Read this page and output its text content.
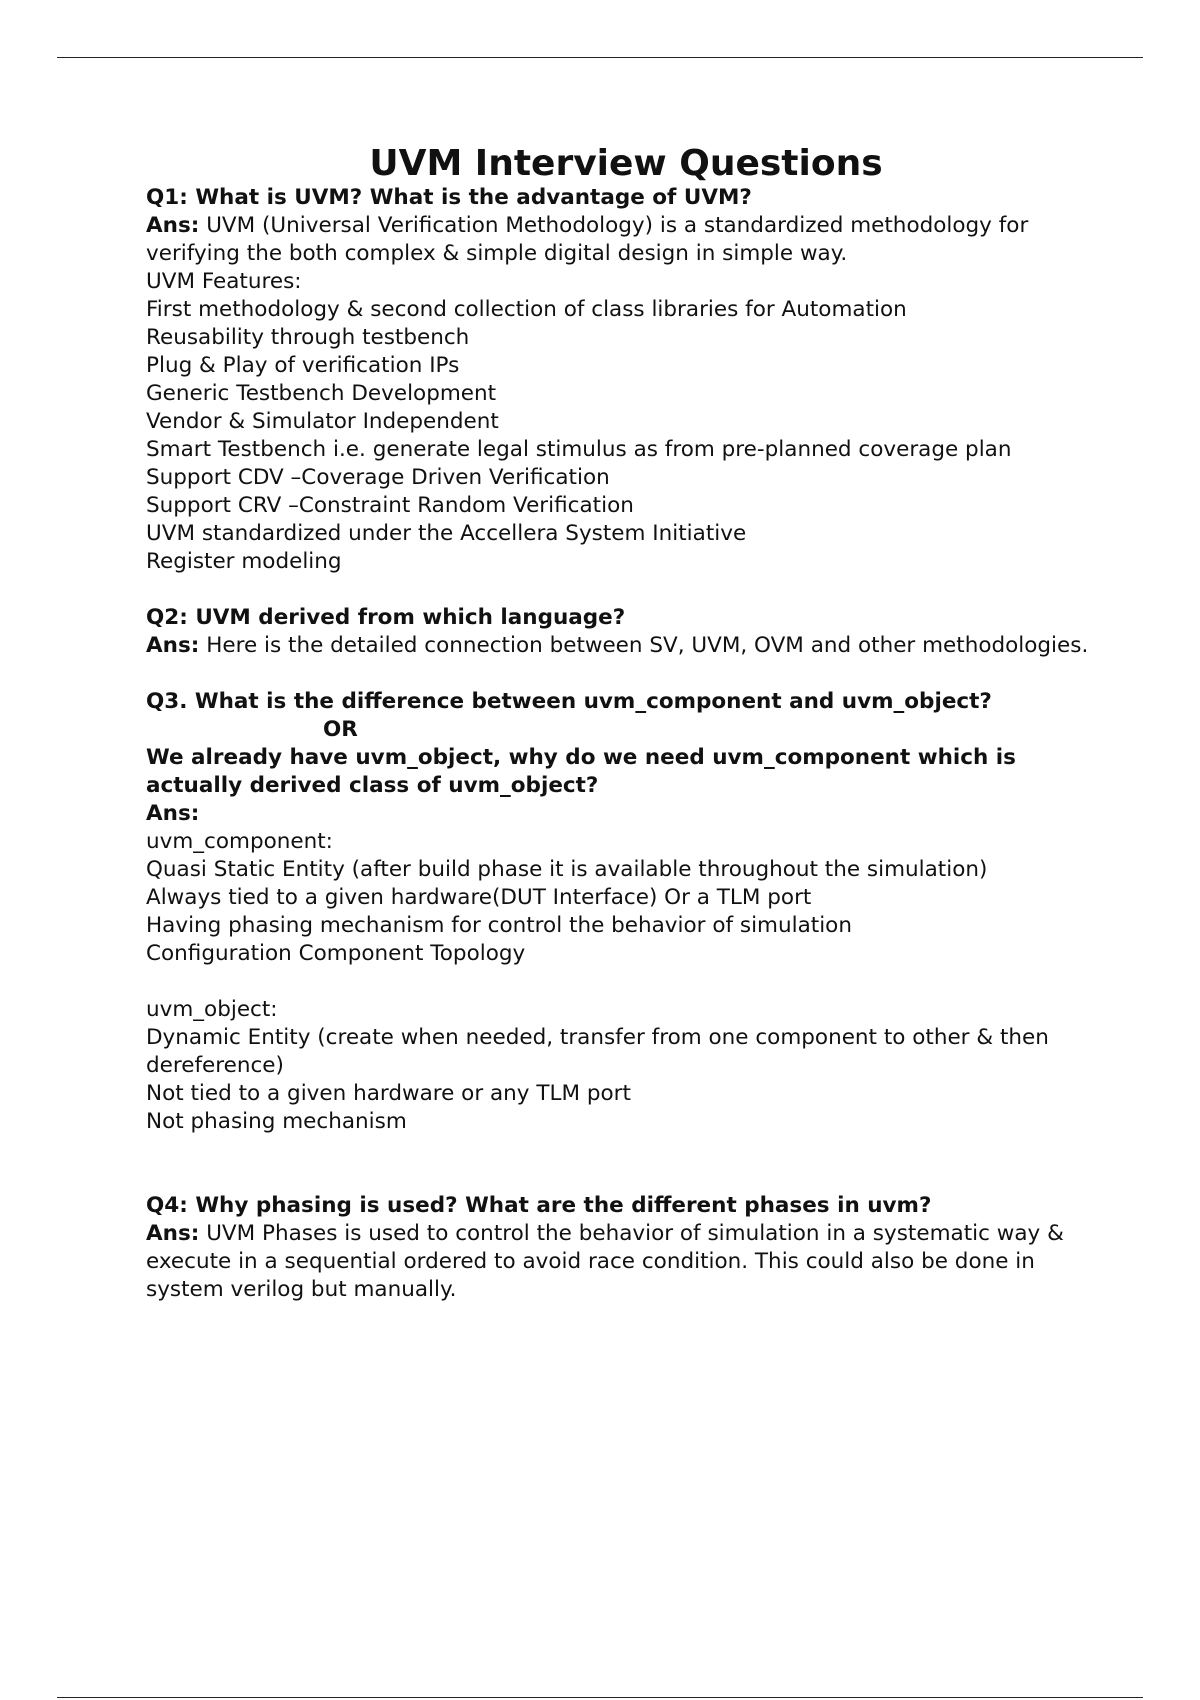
UVM Interview Questions

Q1: What is UVM? What is the advantage of UVM?

Ans: UVM (Universal Verification Methodology) is a standardized methodology for verifying the both complex & simple digital design in simple way.

UVM Features:

First methodology & second collection of class libraries for Automation

Reusability through testbench

Plug & Play of verification IPs

Generic Testbench Development

Vendor & Simulator Independent

Smart Testbench i.e. generate legal stimulus as from pre-planned coverage plan

Support CDV –Coverage Driven Verification

Support CRV –Constraint Random Verification

UVM standardized under the Accellera System Initiative

Register modeling

Q2: UVM derived from which language?

Ans: Here is the detailed connection between SV, UVM, OVM and other methodologies.

Q3. What is the difference between uvm_component and uvm_object?

OR

We already have uvm_object, why do we need uvm_component which is actually derived class of uvm_object?

Ans:

uvm_component:

Quasi Static Entity (after build phase it is available throughout the simulation)

Always tied to a given hardware(DUT Interface) Or a TLM port

Having phasing mechanism for control the behavior of simulation

Configuration Component Topology

uvm_object:

Dynamic Entity (create when needed, transfer from one component to other & then dereference)

Not tied to a given hardware or any TLM port

Not phasing mechanism

Q4: Why phasing is used? What are the different phases in uvm?

Ans: UVM Phases is used to control the behavior of simulation in a systematic way & execute in a sequential ordered to avoid race condition. This could also be done in system verilog but manually.
